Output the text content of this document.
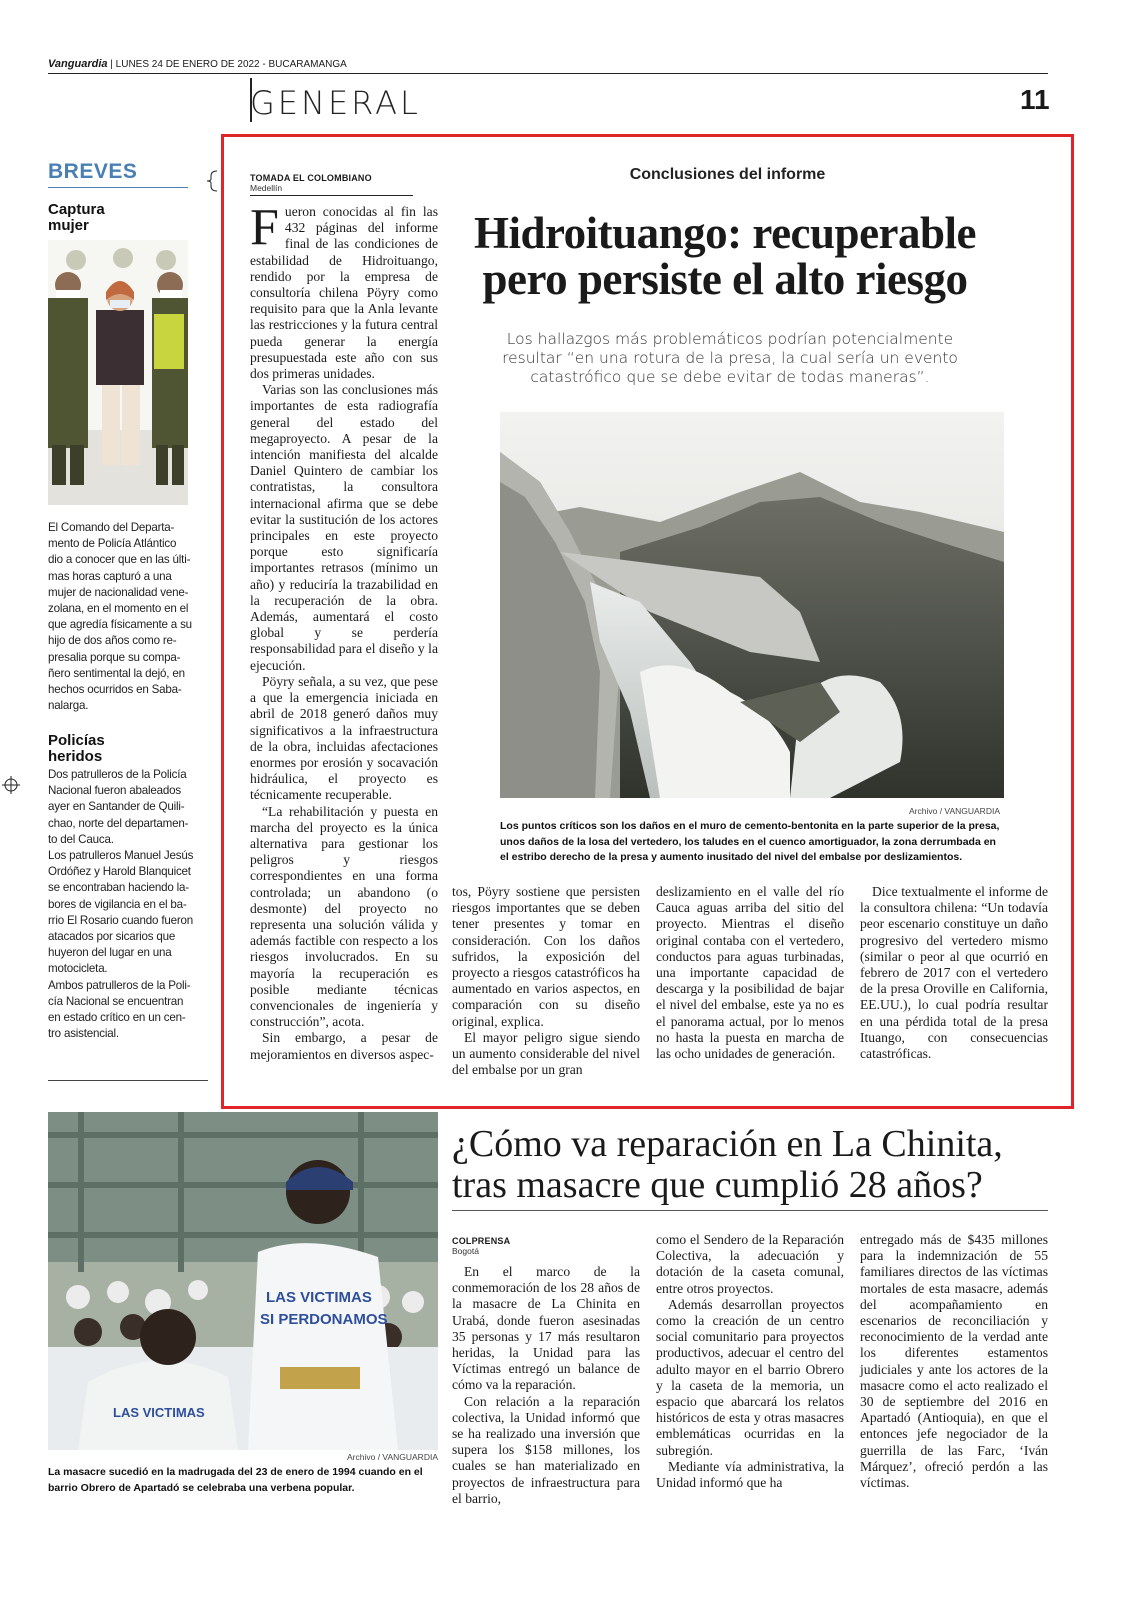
Vanguardia | LUNES 24 DE ENERO DE 2022 - BUCARAMANGA
GENERAL	11
BREVES
Captura
mujer
El Comando del Departa-
mento de Policía Atlántico
dio a conocer que en las últi-
mas horas capturó a una
mujer de nacionalidad vene-
zolana, en el momento en el
que agredía físicamente a su
hijo de dos años como re-
presalia porque su compa-
ñero sentimental la dejó, en
hechos ocurridos en Saba-
nalarga.
Policías
heridos
Dos patrulleros de la Policía
Nacional fueron abaleados
ayer en Santander de Quili-
chao, norte del departamen-
to del Cauca.
Los patrulleros Manuel Jesús
Ordóñez y Harold Blanquicet
se encontraban haciendo la-
bores de vigilancia en el ba-
rrio El Rosario cuando fueron
atacados por sicarios que
huyeron del lugar en una
motocicleta.
Ambos patrulleros de la Poli-
cía Nacional se encuentran
en estado crítico en un cen-
tro asistencial.
TOMADA EL COLOMBIANO
Medellín
Conclusiones del informe
Hidroituango: recuperable
pero persiste el alto riesgo
Los hallazgos más problemáticos podrían potencialmente resultar “en una rotura de la presa, la cual sería un evento catastrófico que se debe evitar de todas maneras”.

Fueron conocidas al fin las 432 páginas del informe final de las condiciones de estabilidad de Hidroituango, rendido por la empresa de consultoría chilena Pöyry como requisito para que la Anla levante las restricciones y la futura central pueda generar la energía presupuestada este año con sus dos primeras unidades.

Varias son las conclusiones más importantes de esta radiografía general del estado del megaproyecto. A pesar de la intención manifiesta del alcalde Daniel Quintero de cambiar los contratistas, la consultora internacional afirma que se debe evitar la sustitución de los actores principales en este proyecto porque esto significaría importantes retrasos (mínimo un año) y reduciría la trazabilidad en la recuperación de la obra. Además, aumentará el costo global y se perdería responsabilidad para el diseño y la ejecución.

Pöyry señala, a su vez, que pese a que la emergencia iniciada en abril de 2018 generó daños muy significativos a la infraestructura de la obra, incluidas afectaciones enormes por erosión y socavación hidráulica, el proyecto es técnicamente recuperable.

“La rehabilitación y puesta en marcha del proyecto es la única alternativa para gestionar los peligros y riesgos correspondientes en una forma controlada; un abandono (o desmonte) del proyecto no representa una solución válida y además factible con respecto a los riesgos involucrados. En su mayoría la recuperación es posible mediante técnicas convencionales de ingeniería y construcción”, acota.

Sin embargo, a pesar de mejoramientos en diversos aspec-

Archivo / VANGUARDIA
Los puntos críticos son los daños en el muro de cemento-bentonita en la parte superior de la presa, unos daños de la losa del vertedero, los taludes en el cuenco amortiguador, la zona derrumbada en el estribo derecho de la presa y aumento inusitado del nivel del embalse por deslizamientos.

tos, Pöyry sostiene que persisten riesgos importantes que se deben tener presentes y tomar en consideración. Con los daños sufridos, la exposición del proyecto a riesgos catastróficos ha aumentado en varios aspectos, en comparación con su diseño original, explica.

El mayor peligro sigue siendo un aumento considerable del nivel del embalse por un gran

deslizamiento en el valle del río Cauca aguas arriba del sitio del proyecto. Mientras el diseño original contaba con el vertedero, conductos para aguas turbinadas, una importante capacidad de descarga y la posibilidad de bajar el nivel del embalse, este ya no es el panorama actual, por lo menos no hasta la puesta en marcha de las ocho unidades de generación.

Dice textualmente el informe de la consultora chilena: “Un todavía peor escenario constituye un daño progresivo del vertedero mismo (similar o peor al que ocurrió en febrero de 2017 con el vertedero de la presa Oroville en California, EE.UU.), lo cual podría resultar en una pérdida total de la presa Ituango, con consecuencias catastróficas.

LAS VICTIMAS
SI PERDONAMOS
LAS VICTIMAS
Archivo / VANGUARDIA
La masacre sucedió en la madrugada del 23 de enero de 1994 cuando en el barrio Obrero de Apartadó se celebraba una verbena popular.
¿Cómo va reparación en La Chinita,
tras masacre que cumplió 28 años?
COLPRENSA
Bogotá

En el marco de la conmemoración de los 28 años de la masacre de La Chinita en Urabá, donde fueron asesinadas 35 personas y 17 más resultaron heridas, la Unidad para las Víctimas entregó un balance de cómo va la reparación.

Con relación a la reparación colectiva, la Unidad informó que se ha realizado una inversión que supera los $158 millones, los cuales se han materializado en proyectos de infraestructura para el barrio,

como el Sendero de la Reparación Colectiva, la adecuación y dotación de la caseta comunal, entre otros proyectos.

Además desarrollan proyectos como la creación de un centro social comunitario para proyectos productivos, adecuar el centro del adulto mayor en el barrio Obrero y la caseta de la memoria, un espacio que abarcará los relatos históricos de esta y otras masacres emblemáticas ocurridas en la subregión.

Mediante vía administrativa, la Unidad informó que ha

entregado más de $435 millones para la indemnización de 55 familiares directos de las víctimas mortales de esta masacre, además del acompañamiento en escenarios de reconciliación y reconocimiento de la verdad ante los diferentes estamentos judiciales y ante los actores de la masacre como el acto realizado el 30 de septiembre del 2016 en Apartadó (Antioquia), en que el entonces jefe negociador de la guerrilla de las Farc, ‘Iván Márquez’, ofreció perdón a las víctimas.
